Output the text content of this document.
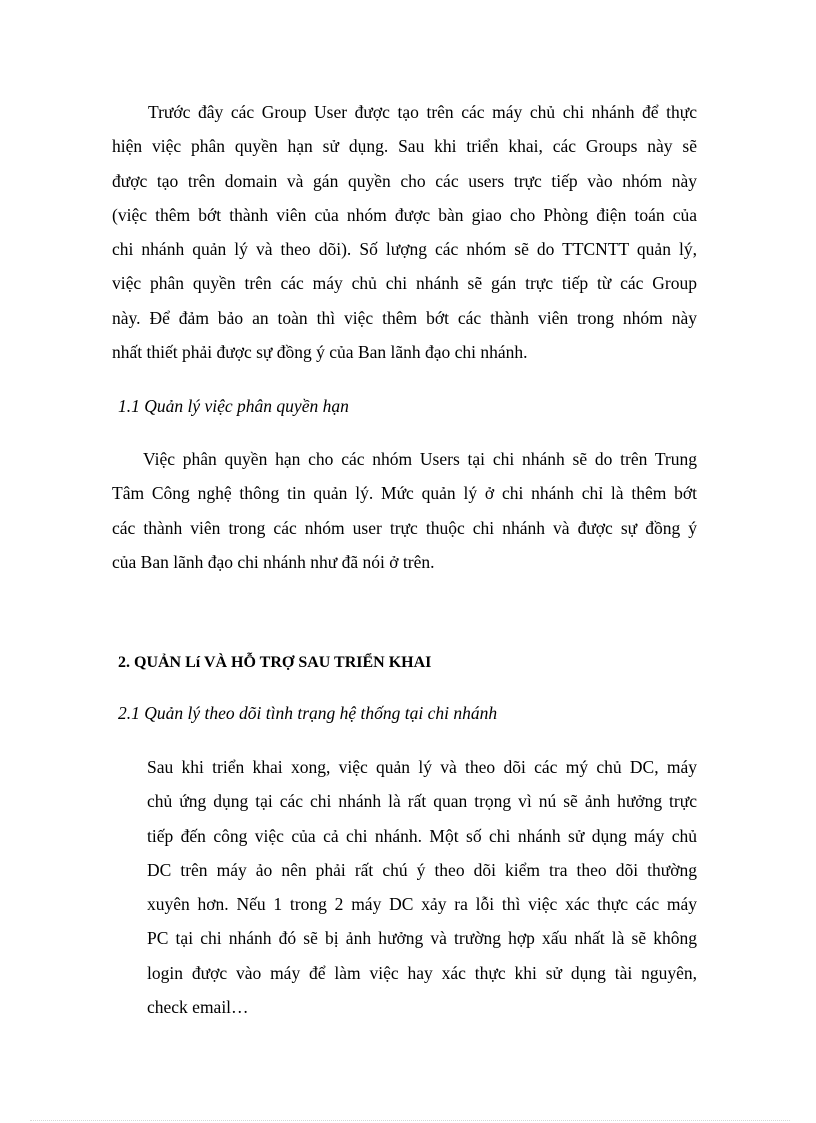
Trước đây các Group User được tạo trên các máy chủ chi nhánh để thực
hiện việc phân quyền hạn sử dụng. Sau khi triển khai, các Groups này sẽ
được tạo trên domain và gán quyền cho các users trực tiếp vào nhóm này
(việc thêm bớt thành viên của nhóm được bàn giao cho Phòng điện toán của
chi nhánh quản lý và theo dõi). Số lượng các nhóm sẽ do TTCNTT quản lý,
việc phân quyền trên các máy chủ chi nhánh sẽ gán trực tiếp từ các Group
này. Để đảm bảo an toàn thì việc thêm bớt các thành viên trong nhóm này
nhất thiết phải được sự đồng ý của Ban lãnh đạo chi nhánh.
1.1 Quản lý việc phân quyền hạn
Việc phân quyền hạn cho các nhóm Users tại chi nhánh sẽ do trên Trung
Tâm Công nghệ thông tin quản lý. Mức quản lý ở chi nhánh chỉ là thêm bớt
các thành viên trong các nhóm user trực thuộc chi nhánh và được sự đồng ý
của Ban lãnh đạo chi nhánh như đã nói ở trên.
2. QUẢN Lí VÀ HỖ TRỢ SAU TRIỂN KHAI
2.1 Quản lý theo dõi tình trạng hệ thống tại chi nhánh
Sau khi triển khai xong, việc quản lý và theo dõi các mý chủ DC, máy
chủ ứng dụng tại các chi nhánh là rất quan trọng vì nú sẽ ảnh hưởng trực
tiếp đến công việc của cả chi nhánh. Một số chi nhánh sử dụng máy chủ
DC trên máy ảo nên phải rất chú ý theo dõi kiểm tra theo dõi thường
xuyên hơn. Nếu 1 trong 2 máy DC xảy ra lỗi thì việc xác thực các máy
PC tại chi nhánh đó sẽ bị ảnh hưởng và trường hợp xấu nhất là sẽ không
login được vào máy để làm việc hay xác thực khi sử dụng tài nguyên,
check email…
